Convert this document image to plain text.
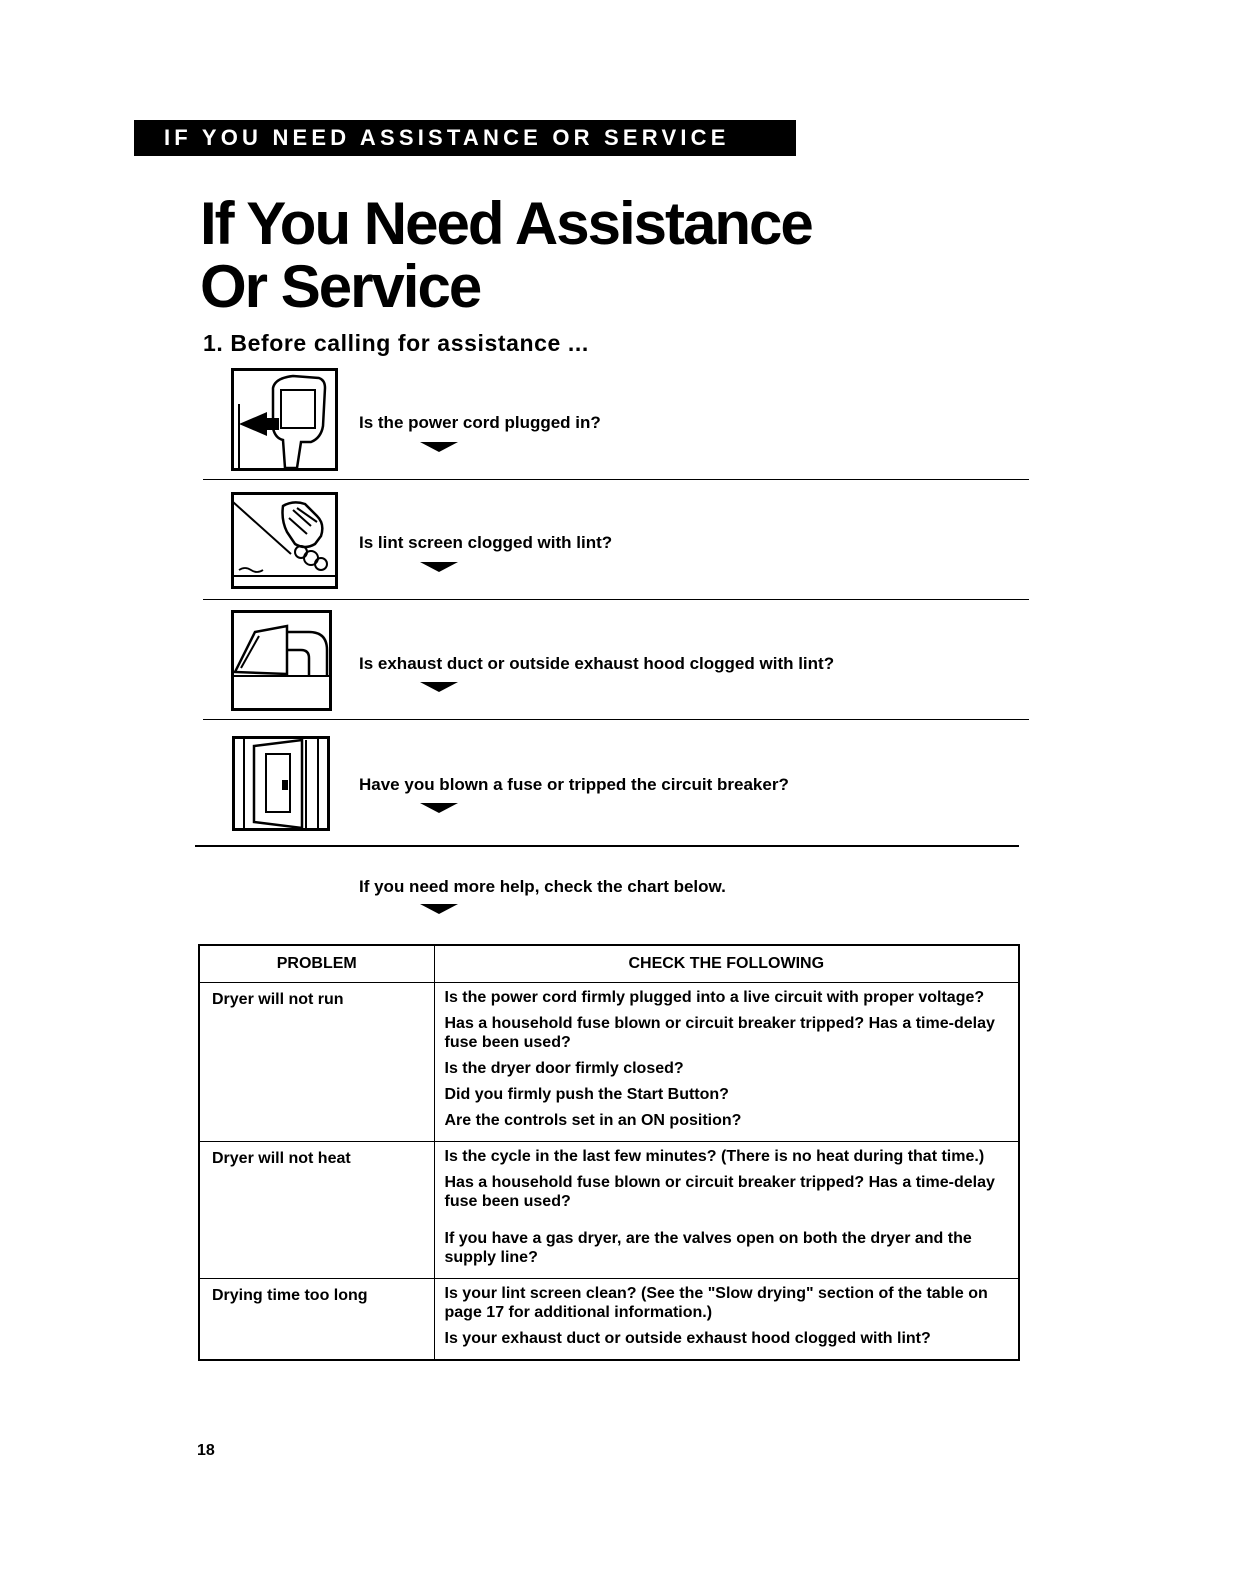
IF YOU NEED ASSISTANCE OR SERVICE
If You Need Assistance
Or Service
1. Before calling for assistance ...
Is the power cord plugged in?
Is lint screen clogged with lint?
Is exhaust duct or outside exhaust hood clogged with lint?
Have you blown a fuse or tripped the circuit breaker?
If you need more help, check the chart below.
PROBLEM	CHECK THE FOLLOWING
Dryer will not run	Is the power cord firmly plugged into a live circuit with proper voltage?

Has a household fuse blown or circuit breaker tripped? Has a time-delay fuse been used?

Is the dryer door firmly closed?

Did you firmly push the Start Button?

Are the controls set in an ON position?

Dryer will not heat	Is the cycle in the last few minutes? (There is no heat during that time.)

Has a household fuse blown or circuit breaker tripped? Has a time-delay fuse been used?

If you have a gas dryer, are the valves open on both the dryer and the supply line?

Drying time too long	Is your lint screen clean? (See the "Slow drying" section of the table on page 17 for additional information.)

Is your exhaust duct or outside exhaust hood clogged with lint?

18
